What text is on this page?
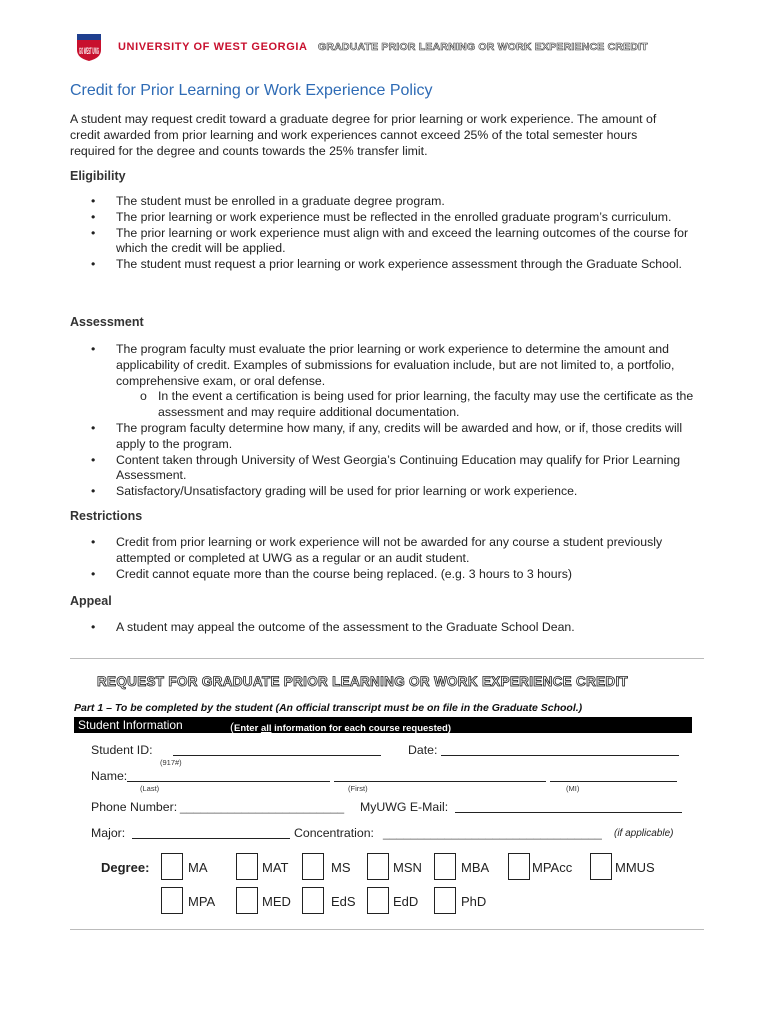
GO WEST UWG UNIVERSITY OF WEST GEORGIA GRADUATE PRIOR LEARNING OR WORK EXPERIENCE CREDIT
Credit for Prior Learning or Work Experience Policy
A student may request credit toward a graduate degree for prior learning or work experience. The amount of
credit awarded from prior learning and work experiences cannot exceed 25% of the total semester hours
required for the degree and counts towards the 25% transfer limit.
Eligibility
• The student must be enrolled in a graduate degree program.
• The prior learning or work experience must be reflected in the enrolled graduate program’s curriculum.
• The prior learning or work experience must align with and exceed the learning outcomes of the course for which the credit will be applied.
• The student must request a prior learning or work experience assessment through the Graduate School.
Assessment
• The program faculty must evaluate the prior learning or work experience to determine the amount and applicability of credit. Examples of submissions for evaluation include, but are not limited to, a portfolio, comprehensive exam, or oral defense.
o In the event a certification is being used for prior learning, the faculty may use the certificate as the assessment and may require additional documentation.
• The program faculty determine how many, if any, credits will be awarded and how, or if, those credits will apply to the program.
• Content taken through University of West Georgia’s Continuing Education may qualify for Prior Learning Assessment.
• Satisfactory/Unsatisfactory grading will be used for prior learning or work experience.
Restrictions
• Credit from prior learning or work experience will not be awarded for any course a student previously attempted or completed at UWG as a regular or an audit student.
• Credit cannot equate more than the course being replaced. (e.g. 3 hours to 3 hours)
Appeal
• A student may appeal the outcome of the assessment to the Graduate School Dean.
REQUEST FOR GRADUATE PRIOR LEARNING OR WORK EXPERIENCE CREDIT
Part 1 – To be completed by the student (An official transcript must be on file in the Graduate School.)
Student Information	(Enter all information for each course requested)
Student ID:
(917#)
Date:
Name:
(Last)	(First)	(MI)
Phone Number: ________________________ MyUWG E-Mail:
Major:	Concentration: ________________________________ (if applicable)
Degree:	MA	MAT	MS	MSN	MBA	MPAcc	MMUS
MPA	MED	EdS	EdD	PhD
